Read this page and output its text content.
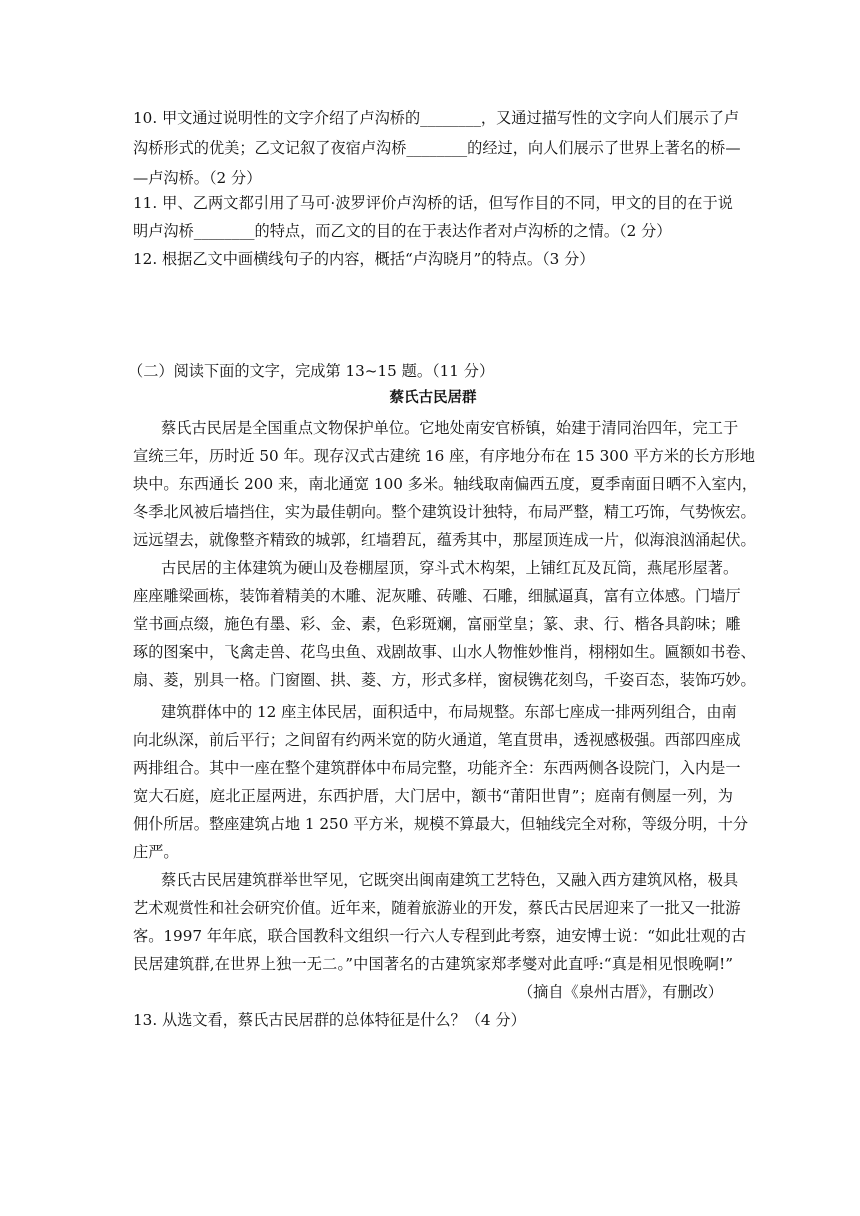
10. 甲文通过说明性的文字介绍了卢沟桥的________，又通过描写性的文字向人们展示了卢
沟桥形式的优美；乙文记叙了夜宿卢沟桥________的经过，向人们展示了世界上著名的桥—
—卢沟桥。（2 分）
11. 甲、乙两文都引用了马可·波罗评价卢沟桥的话，但写作目的不同，甲文的目的在于说
明卢沟桥________的特点，而乙文的目的在于表达作者对卢沟桥的之情。（2 分）
12. 根据乙文中画横线句子的内容，概括“卢沟晓月”的特点。（3 分）
（二）阅读下面的文字，完成第 13~15 题。（11 分）
蔡氏古民居群
蔡氏古民居是全国重点文物保护单位。它地处南安官桥镇，始建于清同治四年，完工于
宣统三年，历时近 50 年。现存汉式古建统 16 座，有序地分布在 15 300 平方米的长方形地
块中。东西通长 200 来，南北通宽 100 多米。轴线取南偏西五度，夏季南面日晒不入室内，
冬季北风被后墙挡住，实为最佳朝向。整个建筑设计独特，布局严整，精工巧饰，气势恢宏。
远远望去，就像整齐精致的城郭，红墙碧瓦，蕴秀其中，那屋顶连成一片，似海浪汹涌起伏。
古民居的主体建筑为硬山及卷棚屋顶，穿斗式木构架，上铺红瓦及瓦筒，燕尾形屋著。
座座雕梁画栋，装饰着精美的木雕、泥灰雕、砖雕、石雕，细腻逼真，富有立体感。门墙厅
堂书画点缀，施色有墨、彩、金、素，色彩斑斓，富丽堂皇；篆、隶、行、楷各具韵味；雕
琢的图案中，飞禽走兽、花鸟虫鱼、戏剧故事、山水人物惟妙惟肖，栩栩如生。匾额如书卷、
扇、菱，别具一格。门窗圈、拱、菱、方，形式多样，窗棂镌花刻鸟，千姿百态，装饰巧妙。
建筑群体中的 12 座主体民居，面积适中，布局规整。东部七座成一排两列组合，由南
向北纵深，前后平行；之间留有约两米宽的防火通道，笔直贯串，透视感极强。西部四座成
两排组合。其中一座在整个建筑群体中布局完整，功能齐全：东西两侧各设院门，入内是一
宽大石庭，庭北正屋两进，东西护厝，大门居中，额书“莆阳世胄”；庭南有侧屋一列，为
佣仆所居。整座建筑占地 1 250 平方米，规模不算最大，但轴线完全对称，等级分明，十分
庄严。
蔡氏古民居建筑群举世罕见，它既突出闽南建筑工艺特色，又融入西方建筑风格，极具
艺术观赏性和社会研究价值。近年来，随着旅游业的开发，蔡氏古民居迎来了一批又一批游
客。1997 年年底，联合国教科文组织一行六人专程到此考察，迪安博士说：“如此壮观的古
民居建筑群,在世界上独一无二。”中国著名的古建筑家郑孝燮对此直呼:“真是相见恨晚啊!”
（摘自《泉州古厝》，有删改）
13. 从选文看，蔡氏古民居群的总体特征是什么？（4 分）
